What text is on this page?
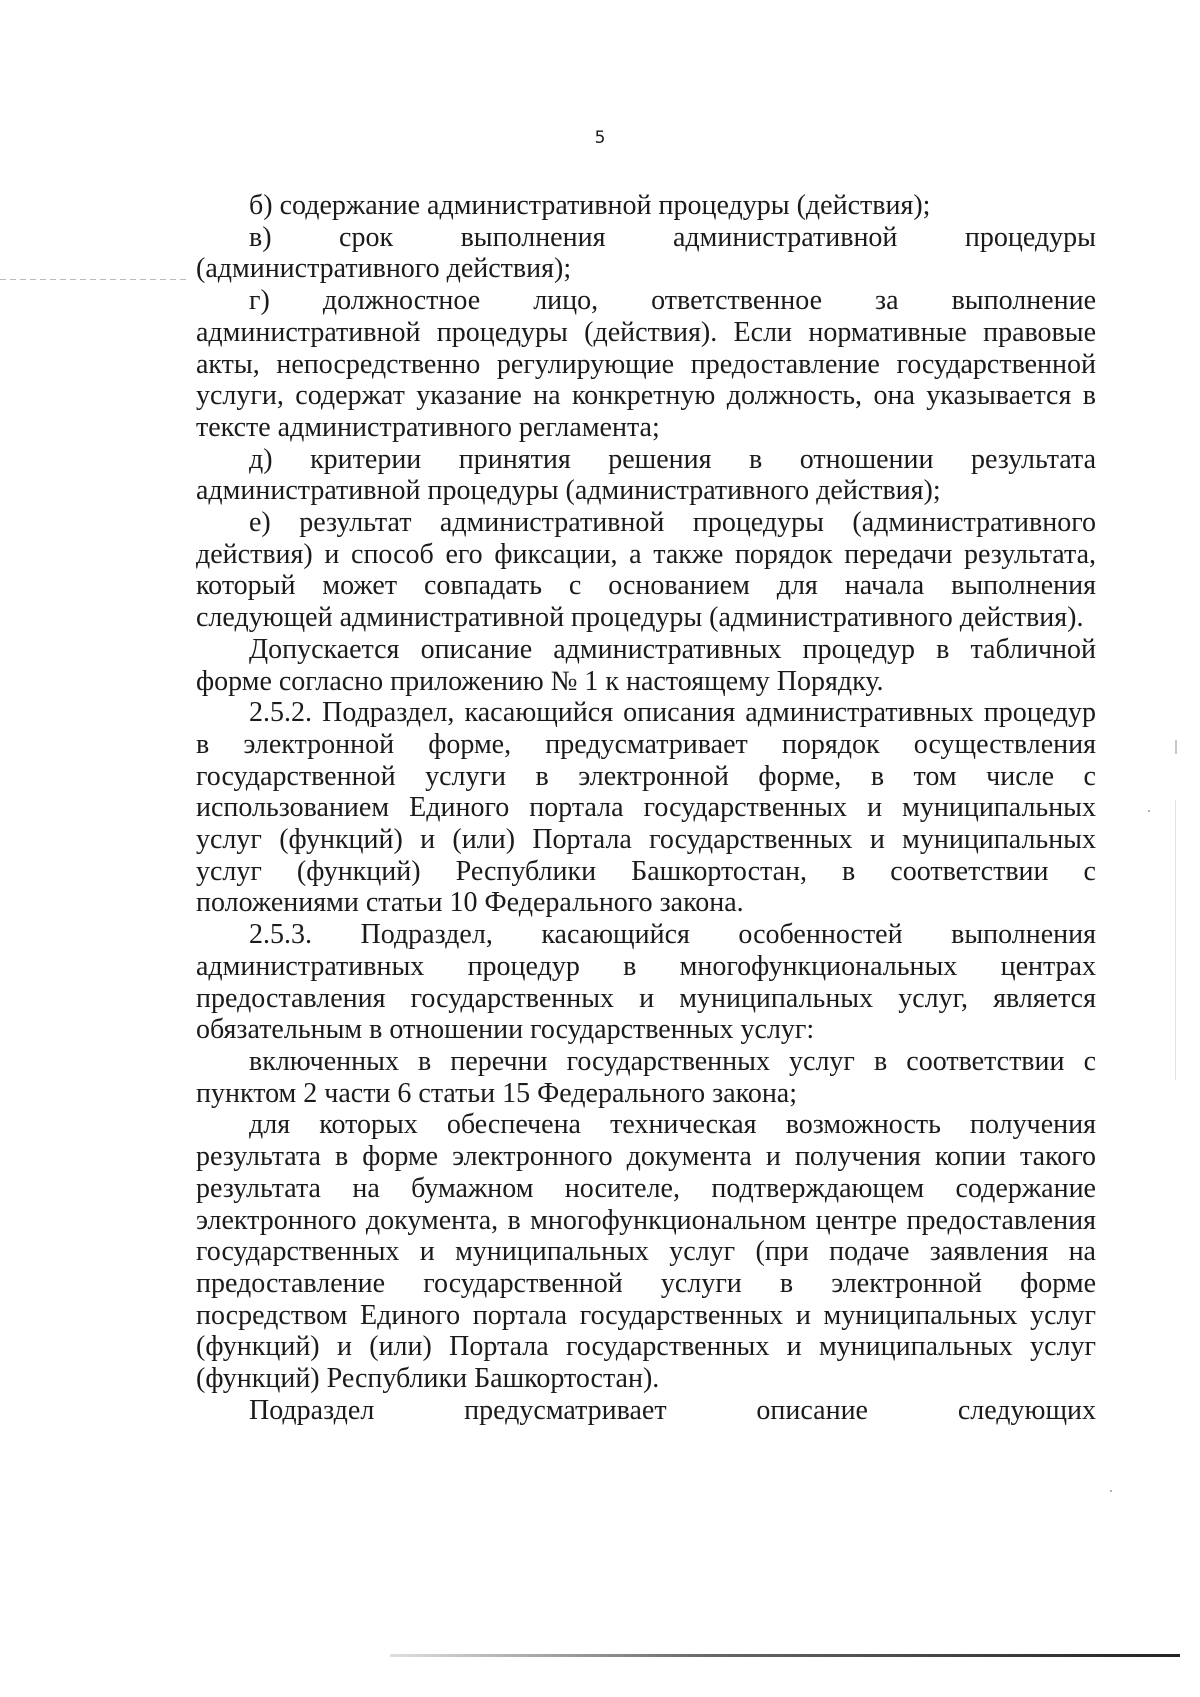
5

б) содержание административной процедуры (действия);

в) срок выполнения административной процедуры (административного действия);

г) должностное лицо, ответственное за выполнение административной процедуры (действия). Если нормативные правовые акты, непосредственно регулирующие предоставление государственной услуги, содержат указание на конкретную должность, она указывается в тексте административного регламента;

д) критерии принятия решения в отношении результата административной процедуры (административного действия);

е) результат административной процедуры (административного действия) и способ его фиксации, а также порядок передачи результата, который может совпадать с основанием для начала выполнения следующей административной процедуры (административного действия).

Допускается описание административных процедур в табличной форме согласно приложению № 1 к настоящему Порядку.

2.5.2. Подраздел, касающийся описания административных процедур в электронной форме, предусматривает порядок осуществления государственной услуги в электронной форме, в том числе с использованием Единого портала государственных и муниципальных услуг (функций) и (или) Портала государственных и муниципальных услуг (функций) Республики Башкортостан, в соответствии с положениями статьи 10 Федерального закона.

2.5.3. Подраздел, касающийся особенностей выполнения административных процедур в многофункциональных центрах предоставления государственных и муниципальных услуг, является обязательным в отношении государственных услуг:

включенных в перечни государственных услуг в соответствии с пунктом 2 части 6 статьи 15 Федерального закона;

для которых обеспечена техническая возможность получения результата в форме электронного документа и получения копии такого результата на бумажном носителе, подтверждающем содержание электронного документа, в многофункциональном центре предоставления государственных и муниципальных услуг (при подаче заявления на предоставление государственной услуги в электронной форме посредством Единого портала государственных и муниципальных услуг (функций) и (или) Портала государственных и муниципальных услуг (функций) Республики Башкортостан).

Подраздел предусматривает описание следующих
